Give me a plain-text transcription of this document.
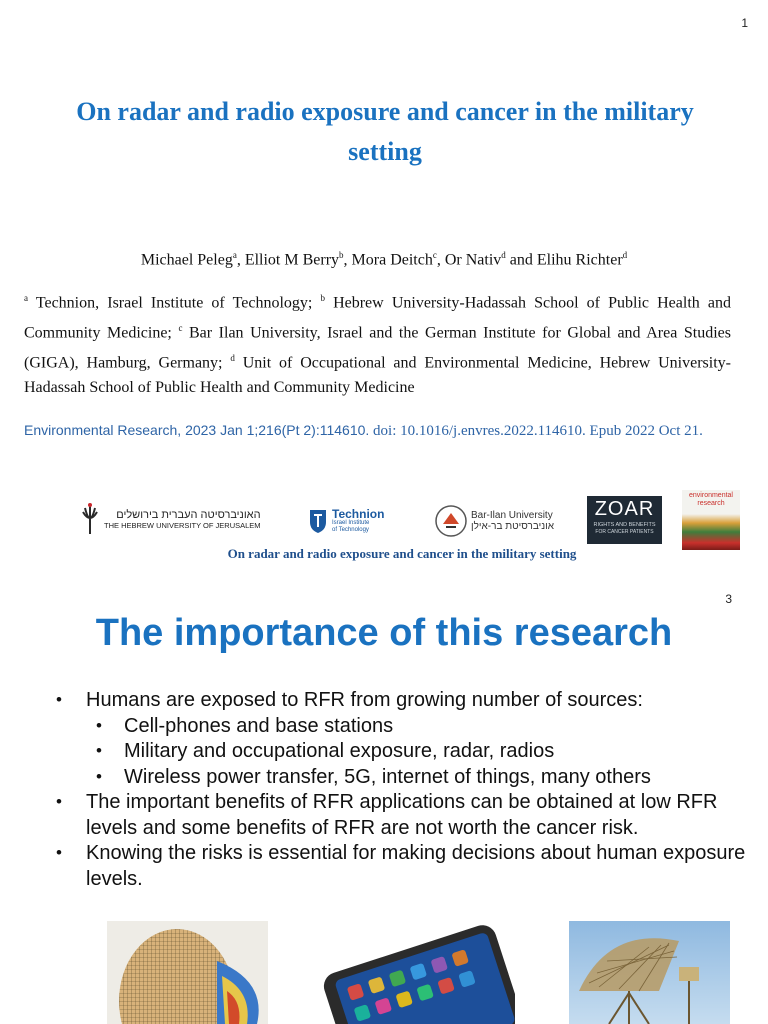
1
On radar and radio exposure and cancer in the military setting
Michael Peleg$^a$, Elliot M Berry$^b$, Mora Deitch$^c$, Or Nativ$^d$ and Elihu Richter$^d$
$^a$ Technion, Israel Institute of Technology; $^b$ Hebrew University-Hadassah School of Public Health and Community Medicine; $^c$ Bar Ilan University, Israel and the German Institute for Global and Area Studies (GIGA), Hamburg, Germany; $^d$ Unit of Occupational and Environmental Medicine, Hebrew University-Hadassah School of Public Health and Community Medicine
Environmental Research, 2023 Jan 1;216(Pt 2):114610. doi: 10.1016/j.envres.2022.114610. Epub 2022 Oct 21.
האוניברסיטה העברית בירושלים
THE HEBREW UNIVERSITY OF JERUSALEM
Technion
Israel Institute
of Technology
Bar-Ilan University
אוניברסיטת בר-אילן
ZOAR
RIGHTS AND BENEFITS
FOR CANCER PATIENTS
environmental research
On radar and radio exposure and cancer in the military setting
3
The importance of this research
• Humans are exposed to RFR from growing number of sources:
• Cell-phones and base stations
• Military and occupational exposure, radar, radios
• Wireless power transfer, 5G, internet of things, many others
• The important benefits of RFR applications can be obtained at low RFR levels and some benefits of RFR are not worth the cancer risk.
• Knowing the risks is essential for making decisions about human exposure levels.
